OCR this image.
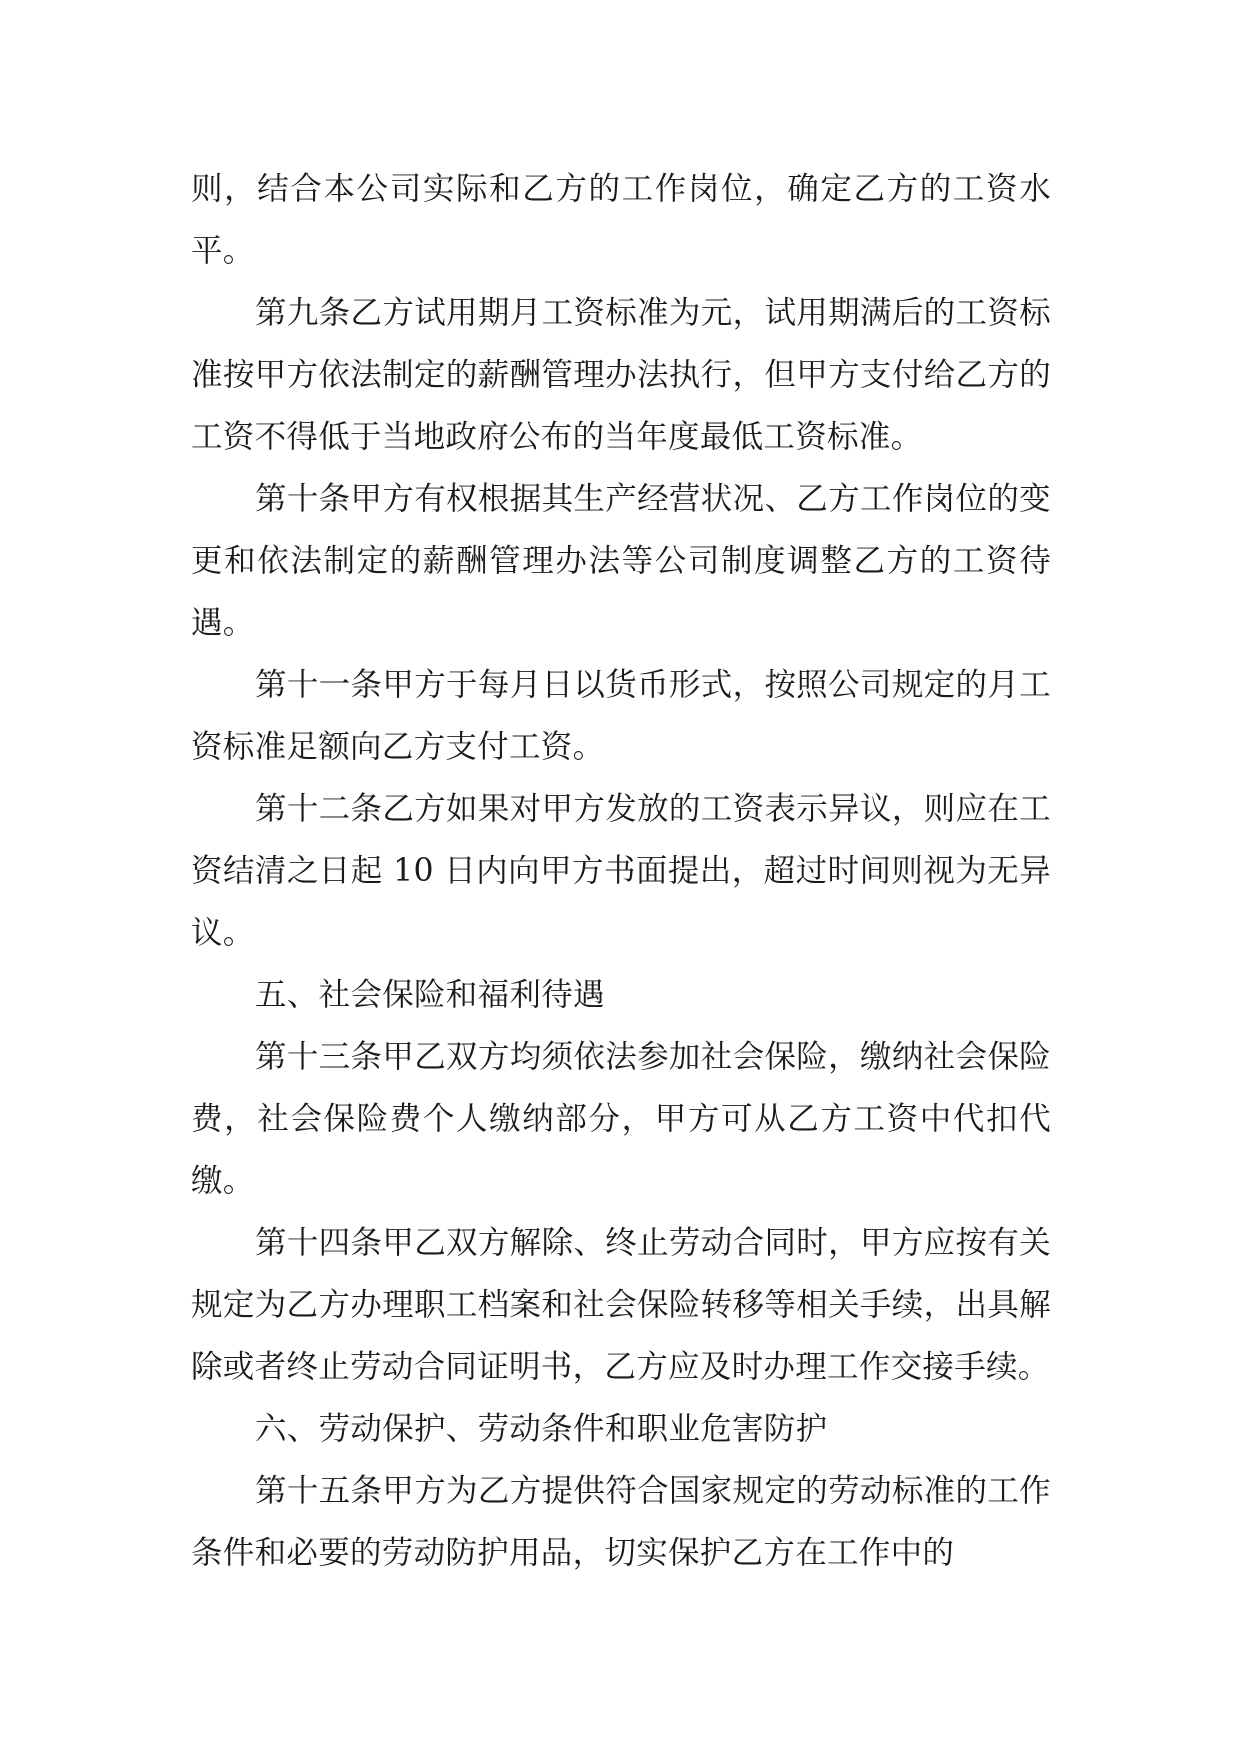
则，结合本公司实际和乙方的工作岗位，确定乙方的工资水平。

第九条乙方试用期月工资标准为元，试用期满后的工资标准按甲方依法制定的薪酬管理办法执行，但甲方支付给乙方的工资不得低于当地政府公布的当年度最低工资标准。

第十条甲方有权根据其生产经营状况、乙方工作岗位的变更和依法制定的薪酬管理办法等公司制度调整乙方的工资待遇。

第十一条甲方于每月日以货币形式，按照公司规定的月工资标准足额向乙方支付工资。

第十二条乙方如果对甲方发放的工资表示异议，则应在工资结清之日起 10 日内向甲方书面提出，超过时间则视为无异议。

五、社会保险和福利待遇

第十三条甲乙双方均须依法参加社会保险，缴纳社会保险费，社会保险费个人缴纳部分，甲方可从乙方工资中代扣代缴。

第十四条甲乙双方解除、终止劳动合同时，甲方应按有关规定为乙方办理职工档案和社会保险转移等相关手续，出具解除或者终止劳动合同证明书，乙方应及时办理工作交接手续。

六、劳动保护、劳动条件和职业危害防护

第十五条甲方为乙方提供符合国家规定的劳动标准的工作条件和必要的劳动防护用品，切实保护乙方在工作中的
